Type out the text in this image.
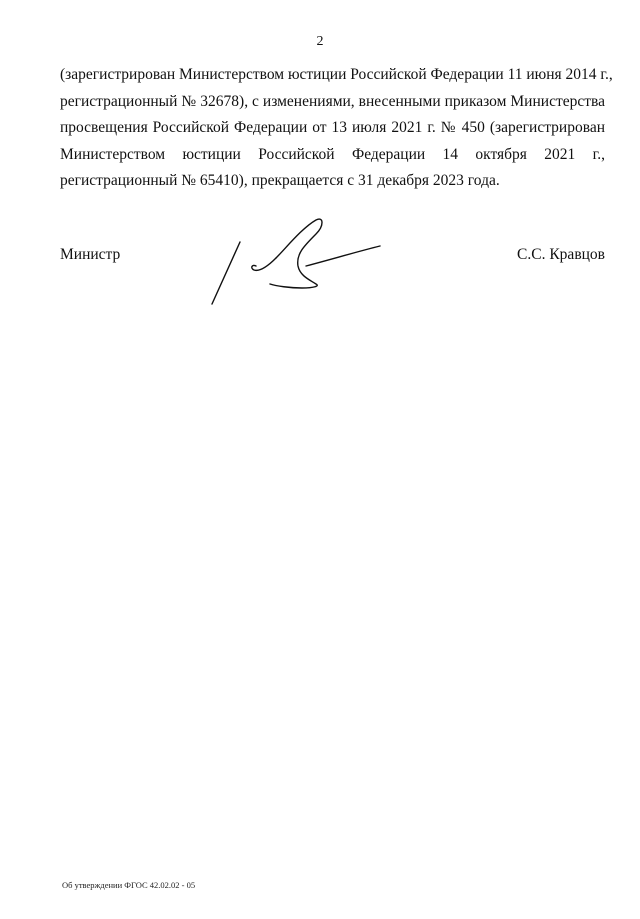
2
(зарегистрирован Министерством юстиции Российской Федерации 11 июня 2014 г.,
регистрационный № 32678), с изменениями, внесенными приказом Министерства
просвещения Российской Федерации от 13 июля 2021 г. № 450 (зарегистрирован
Министерством юстиции Российской Федерации 14 октября 2021 г.,
регистрационный № 65410), прекращается с 31 декабря 2023 года.
Министр	С.С. Кравцов
Об утверждении ФГОС 42.02.02 - 05
